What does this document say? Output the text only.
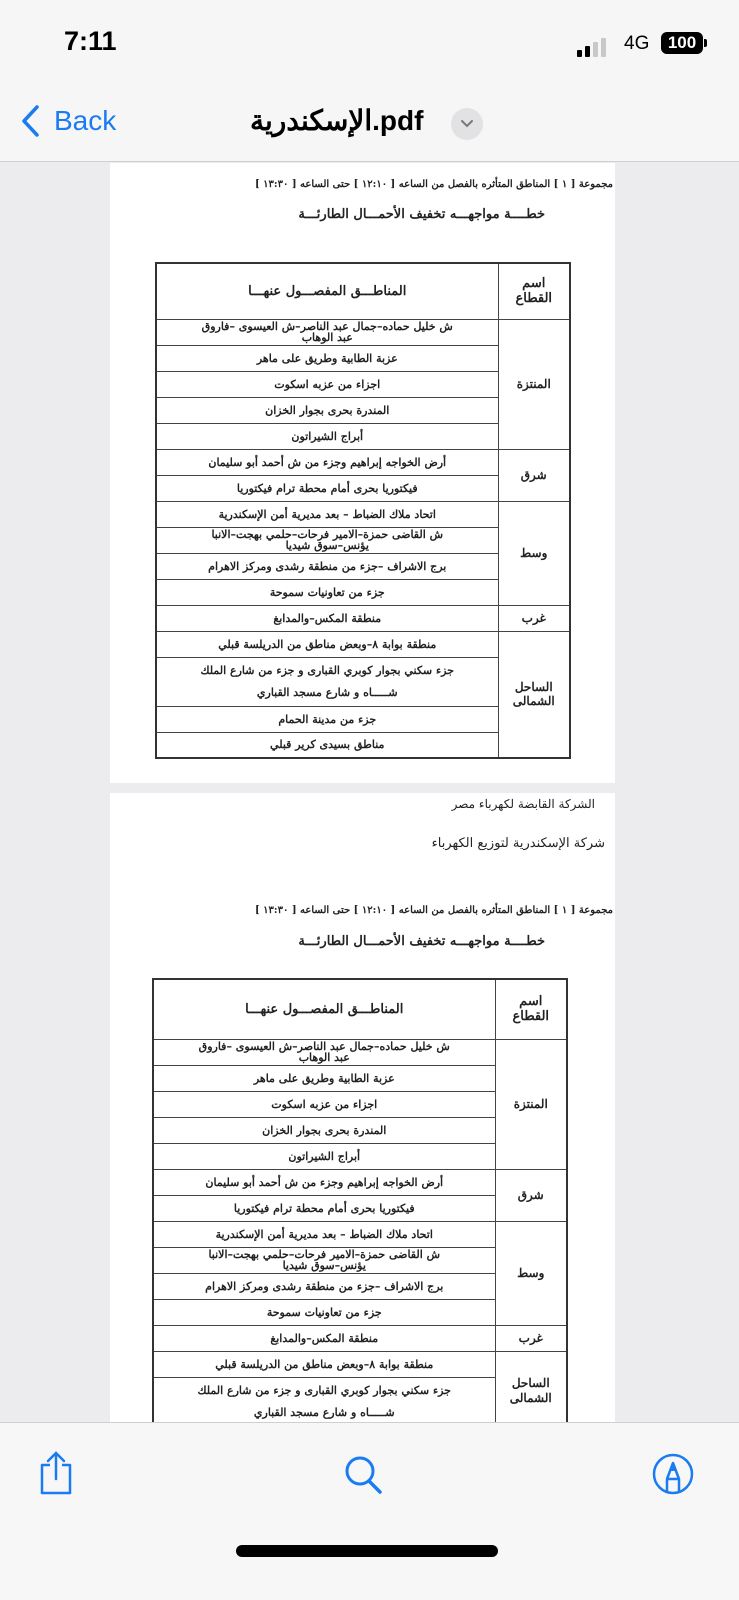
7:11	4G	100
Back	الإسكندرية.pdf
مجموعة [ ١ ] المناطق المتأثره بالفصل من الساعه [ ١٢:١٠ ] حتى الساعه [ ١٣:٣٠ ]
خطــــة مواجهـــه تخفيف الأحمـــال الطارئـــة
اسم القطاع	المناطـــق المفصـــول عنهـــا
المنتزة	ش خليل حماده–جمال عبد الناصر–ش العيسوى –فاروق عبد الوهاب
	عزبة الطابية وطريق على ماهر
	اجزاء من عزبه اسكوت
	المندرة بحرى بجوار الخزان
	أبراج الشيراتون
شرق	أرض الخواجه إبراهيم وجزء من ش أحمد أبو سليمان
	فيكتوريا بحرى أمام محطة ترام فيكتوريا
وسط	اتحاد ملاك الضباط – بعد مديرية أمن الإسكندرية
	ش القاضى حمزة–الامير فرحات–حلمي بهجت–الانبا يؤنس–سوق شيديا
	برج الاشراف –جزء من منطقة رشدى ومركز الاهرام
	جزء من تعاونيات سموحة
غرب	منطقة المكس–والمدابغ
الساحل الشمالى	منطقة بوابة ٨–وبعض مناطق من الدريلسة قبلي
	جزء سكني بجوار كوبري القبارى و جزء من شارع الملك شـــــاه و شارع مسجد القباري
	جزء من مدينة الحمام
	مناطق بسيدى كرير قبلي
الشركة القابضة لكهرباء مصر
شركة الإسكندرية لتوزيع الكهرباء
مجموعة [ ١ ] المناطق المتأثره بالفصل من الساعه [ ١٢:١٠ ] حتى الساعه [ ١٣:٣٠ ]
خطــــة مواجهـــه تخفيف الأحمـــال الطارئـــة
اسم القطاع	المناطـــق المفصـــول عنهـــا
المنتزة	ش خليل حماده–جمال عبد الناصر–ش العيسوى –فاروق عبد الوهاب
	عزبة الطابية وطريق على ماهر
	اجزاء من عزبه اسكوت
	المندرة بحرى بجوار الخزان
	أبراج الشيراتون
شرق	أرض الخواجه إبراهيم وجزء من ش أحمد أبو سليمان
	فيكتوريا بحرى أمام محطة ترام فيكتوريا
وسط	اتحاد ملاك الضباط – بعد مديرية أمن الإسكندرية
	ش القاضى حمزة–الامير فرحات–حلمي بهجت–الانبا يؤنس–سوق شيديا
	برج الاشراف –جزء من منطقة رشدى ومركز الاهرام
	جزء من تعاونيات سموحة
غرب	منطقة المكس–والمدابغ
الساحل الشمالى	منطقة بوابة ٨–وبعض مناطق من الدريلسة قبلي
	جزء سكني بجوار كوبري القبارى و جزء من شارع الملك شـــــاه و شارع مسجد القباري
